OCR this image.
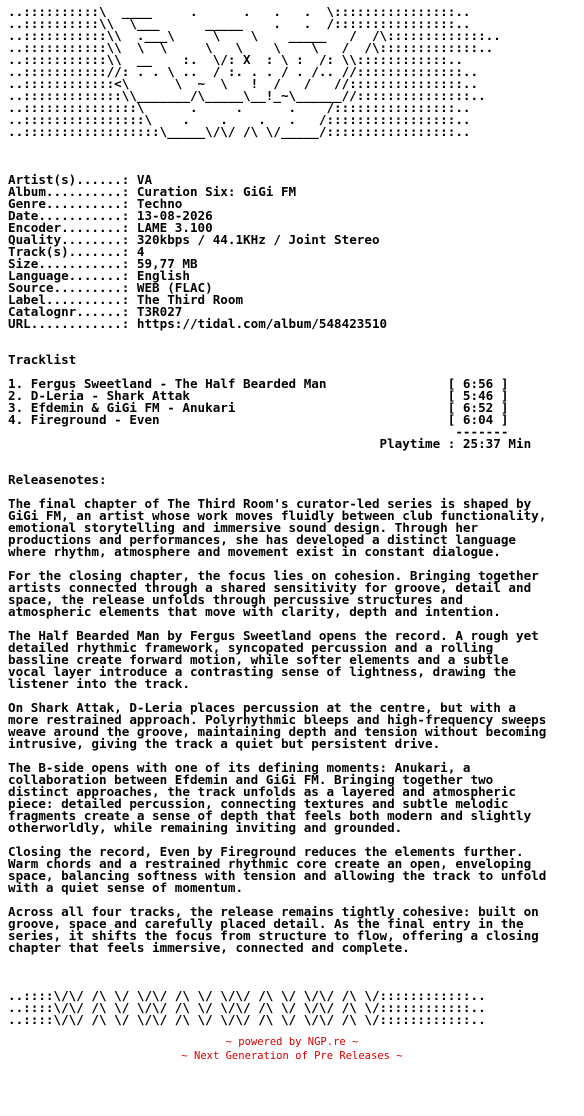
..::::::::::\  ____     .      .   .   .  \::::::::::::::::..
..::::::::::\\  \___      _____    .   .  /::::::::::::::::..
..:::::::::::\\  .___\     \    \    _____   /  /\:::::::::::::..
..:::::::::::\\  \  \     \   \    \    \   /  /\:::::::::::::..
..:::::::::::\\  __    :.  \/: X  : \ :  /: \\::::::::::::..
..::::::::::://: . . \ ..  / :. . . / . /.. //::::::::::::::..
..::::::::::::<\      \  ~  \   !  /   /   //:::::::::::::::..
..:::::::::::::\\_______/\_____\__!_~\______//:::::::::::::::..
..:::::::::::::::\      .     .      .    /::::::::::::::::..
..::::::::::::::::\    .    .    .   .   /:::::::::::::::::..
..::::::::::::::::::\_____\/\/ /\ \/_____/:::::::::::::::::..
Artist(s)......: VA
Album..........: Curation Six: GiGi FM
Genre..........: Techno
Date...........: 13-08-2026
Encoder........: LAME 3.100
Quality........: 320kbps / 44.1KHz / Joint Stereo
Track(s).......: 4
Size...........: 59,77 MB
Language.......: English
Source.........: WEB (FLAC)
Label..........: The Third Room
Catalognr......: T3R027
URL............: https://tidal.com/album/548423510
Tracklist
1. Fergus Sweetland - The Half Bearded Man                [ 6:56 ]
2. D-Leria - Shark Attak                                  [ 5:46 ]
3. Efdemin & GiGi FM - Anukari                            [ 6:52 ]
4. Fireground - Even                                      [ 6:04 ]
-------
Playtime : 25:37 Min
Releasenotes:
The final chapter of The Third Room's curator-led series is shaped by
GiGi FM, an artist whose work moves fluidly between club functionality,
emotional storytelling and immersive sound design. Through her
productions and performances, she has developed a distinct language
where rhythm, atmosphere and movement exist in constant dialogue.
For the closing chapter, the focus lies on cohesion. Bringing together
artists connected through a shared sensitivity for groove, detail and
space, the release unfolds through percussive structures and
atmospheric elements that move with clarity, depth and intention.
The Half Bearded Man by Fergus Sweetland opens the record. A rough yet
detailed rhythmic framework, syncopated percussion and a rolling
bassline create forward motion, while softer elements and a subtle
vocal layer introduce a contrasting sense of lightness, drawing the
listener into the track.
On Shark Attak, D-Leria places percussion at the centre, but with a
more restrained approach. Polyrhythmic bleeps and high-frequency sweeps
weave around the groove, maintaining depth and tension without becoming
intrusive, giving the track a quiet but persistent drive.
The B-side opens with one of its defining moments: Anukari, a
collaboration between Efdemin and GiGi FM. Bringing together two
distinct approaches, the track unfolds as a layered and atmospheric
piece: detailed percussion, connecting textures and subtle melodic
fragments create a sense of depth that feels both modern and slightly
otherworldly, while remaining inviting and grounded.
Closing the record, Even by Fireground reduces the elements further.
Warm chords and a restrained rhythmic core create an open, enveloping
space, balancing softness with tension and allowing the track to unfold
with a quiet sense of momentum.
Across all four tracks, the release remains tightly cohesive: built on
groove, space and carefully placed detail. As the final entry in the
series, it shifts the focus from structure to flow, offering a closing
chapter that feels immersive, connected and complete.
..::::\/\/ /\ \/ \/\/ /\ \/ \/\/ /\ \/ \/\/ /\ \/::::::::::::..
..::::\/\/ /\ \/ \/\/ /\ \/ \/\/ /\ \/ \/\/ /\ \/::::::::::::..
..::::\/\/ /\ \/ \/\/ /\ \/ \/\/ /\ \/ \/\/ /\ \/::::::::::::..
~ powered by NGP.re ~
~ Next Generation of Pre Releases ~
